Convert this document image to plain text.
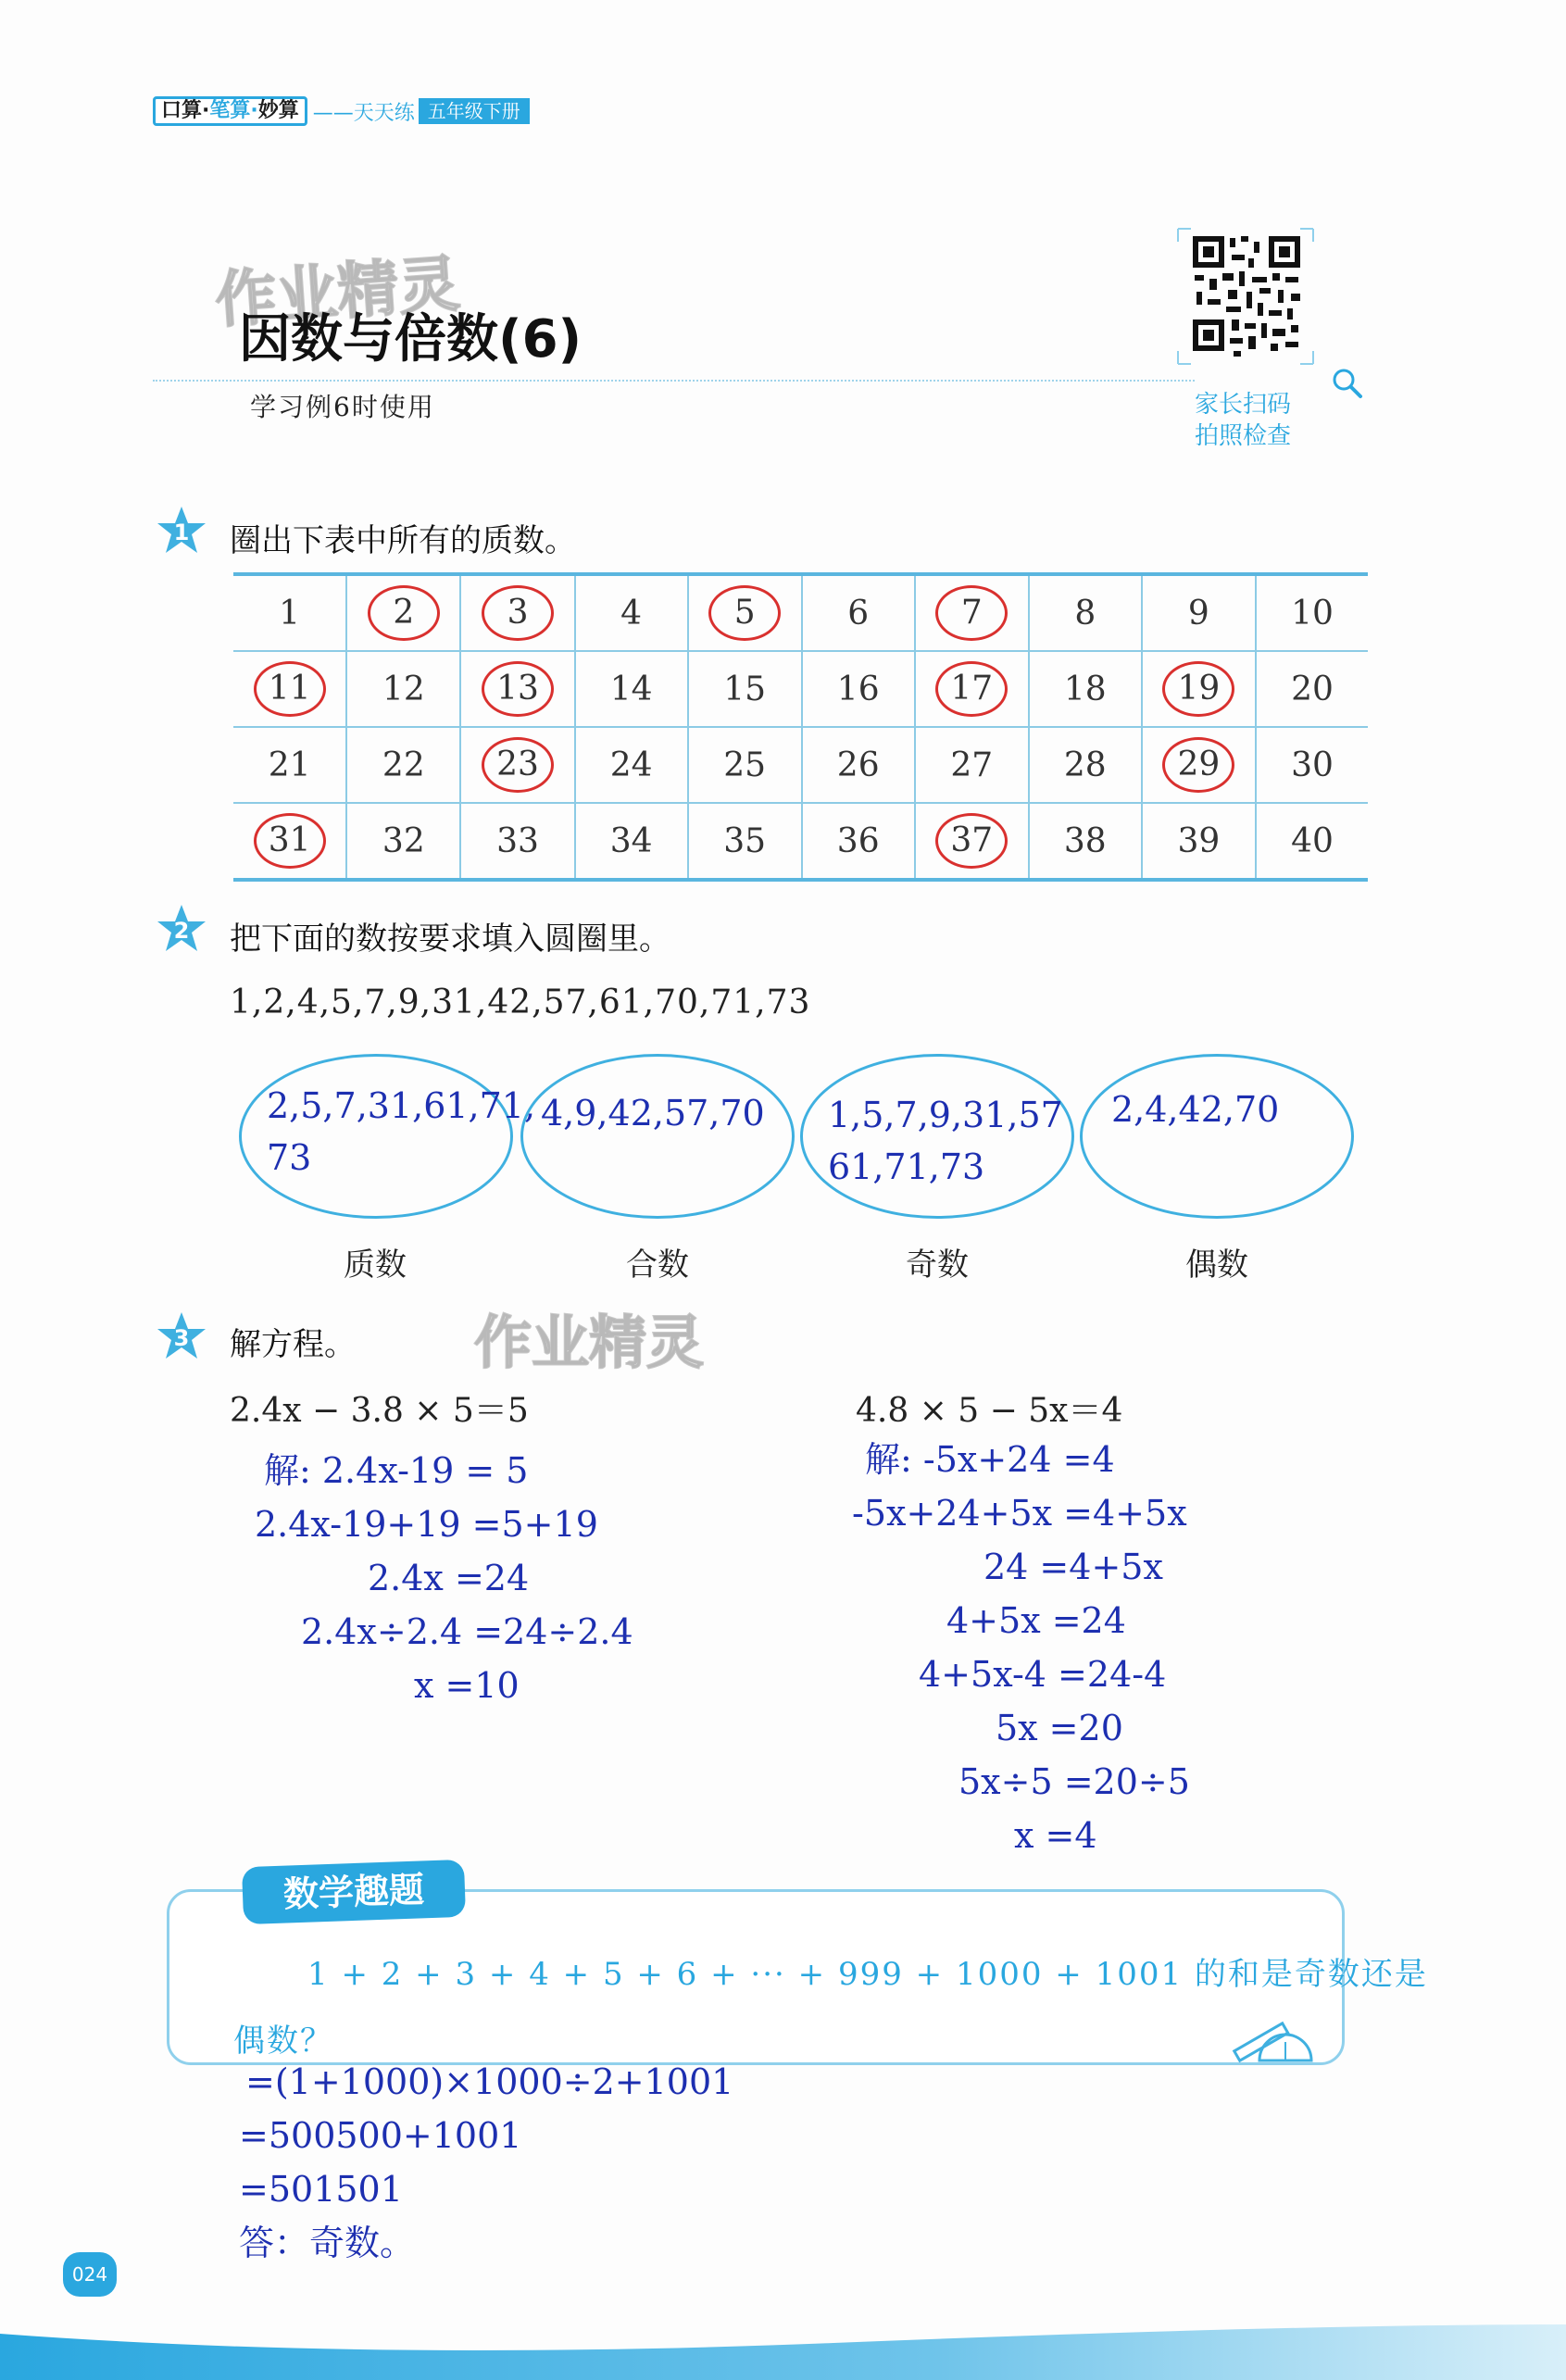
口算·笔算·妙算 ——天天练 五年级下册
作业精灵
作业精灵
因数与倍数(6)
学习例6时使用	家长扫码
拍照检查
1 圈出下表中所有的质数。
1	2	3	4	5	6	7	8	9	10
11	12	13	14	15	16	17	18	19	20
21	22	23	24	25	26	27	28	29	30
31	32	33	34	35	36	37	38	39	40
2 把下面的数按要求填入圆圈里。
1,2,4,5,7,9,31,42,57,61,70,71,73
2,5,7,31,61,71,
73
4,9,42,57,70 1,5,7,9,31,57
61,71,73
2,4,42,70
质数	合数	奇数	偶数
3 解方程。
2.4x − 3.8 × 5＝5
解: 2.4x-19 = 5
2.4x-19+19 =5+19
2.4x =24
2.4x÷2.4 =24÷2.4
x =10
4.8 × 5 − 5x＝4
解: -5x+24 =4
-5x+24+5x =4+5x
24 =4+5x
4+5x =24
4+5x-4 =24-4
5x =20
5x÷5 =20÷5
x =4
数学趣题
1 + 2 + 3 + 4 + 5 + 6 + ··· + 999 + 1000 + 1001 的和是奇数还是
偶数？
=(1+1000)×1000÷2+1001
=500500+1001
=501501
答：奇数。
024
